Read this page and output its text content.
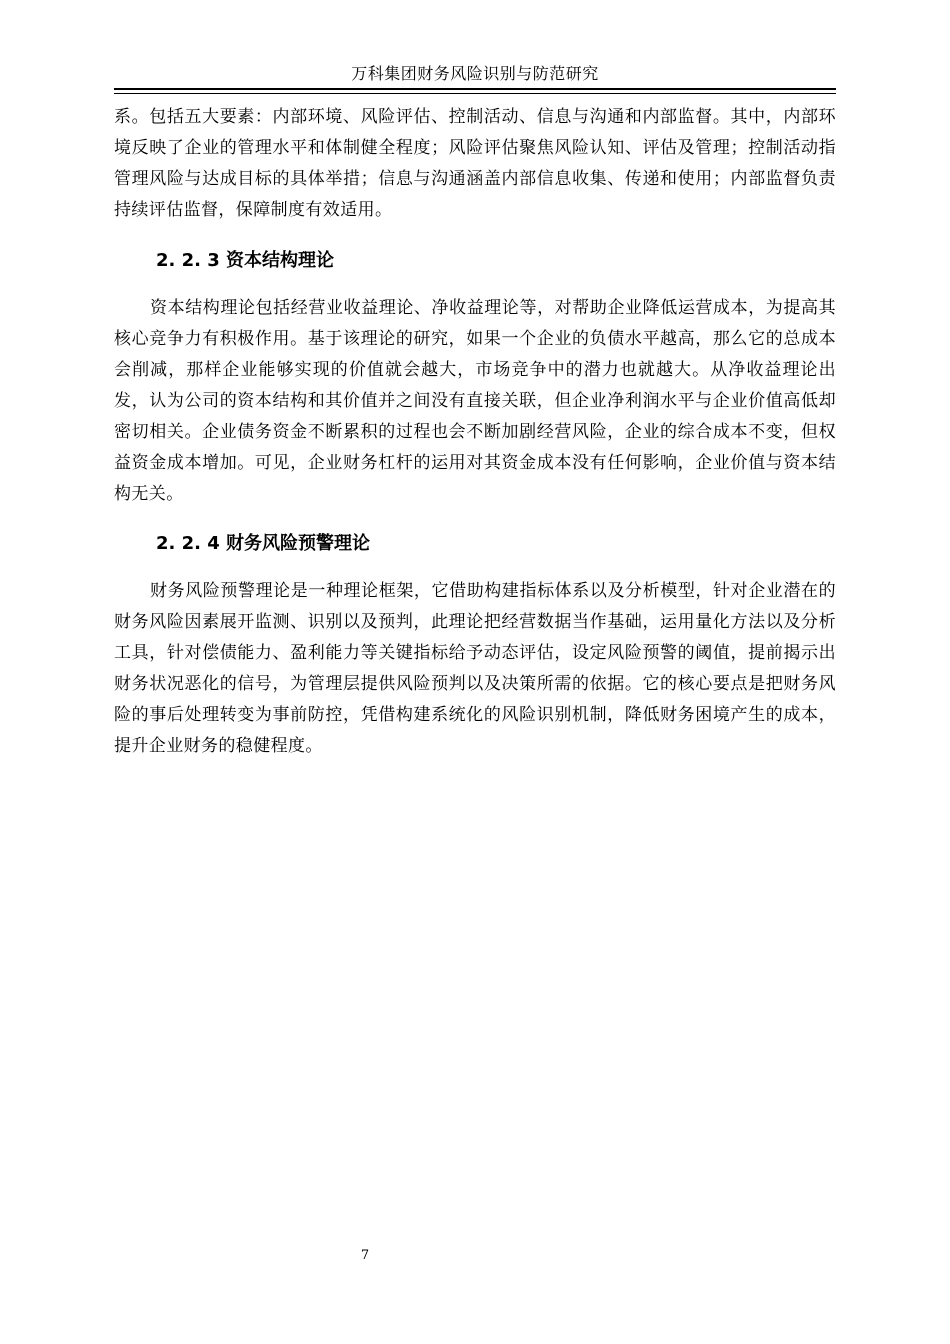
万科集团财务风险识别与防范研究

系。包括五大要素：内部环境、风险评估、控制活动、信息与沟通和内部监督。其中，内部环境反映了企业的管理水平和体制健全程度；风险评估聚焦风险认知、评估及管理；控制活动指管理风险与达成目标的具体举措；信息与沟通涵盖内部信息收集、传递和使用；内部监督负责持续评估监督，保障制度有效适用。

2. 2. 3 资本结构理论

资本结构理论包括经营业收益理论、净收益理论等，对帮助企业降低运营成本，为提高其核心竞争力有积极作用。基于该理论的研究，如果一个企业的负债水平越高，那么它的总成本会削减，那样企业能够实现的价值就会越大，市场竞争中的潜力也就越大。从净收益理论出发，认为公司的资本结构和其价值并之间没有直接关联，但企业净利润水平与企业价值高低却密切相关。企业债务资金不断累积的过程也会不断加剧经营风险，企业的综合成本不变，但权益资金成本增加。可见，企业财务杠杆的运用对其资金成本没有任何影响，企业价值与资本结构无关。

2. 2. 4 财务风险预警理论

财务风险预警理论是一种理论框架，它借助构建指标体系以及分析模型，针对企业潜在的财务风险因素展开监测、识别以及预判，此理论把经营数据当作基础，运用量化方法以及分析工具，针对偿债能力、盈利能力等关键指标给予动态评估，设定风险预警的阈值，提前揭示出财务状况恶化的信号，为管理层提供风险预判以及决策所需的依据。它的核心要点是把财务风险的事后处理转变为事前防控，凭借构建系统化的风险识别机制，降低财务困境产生的成本，提升企业财务的稳健程度。

7
